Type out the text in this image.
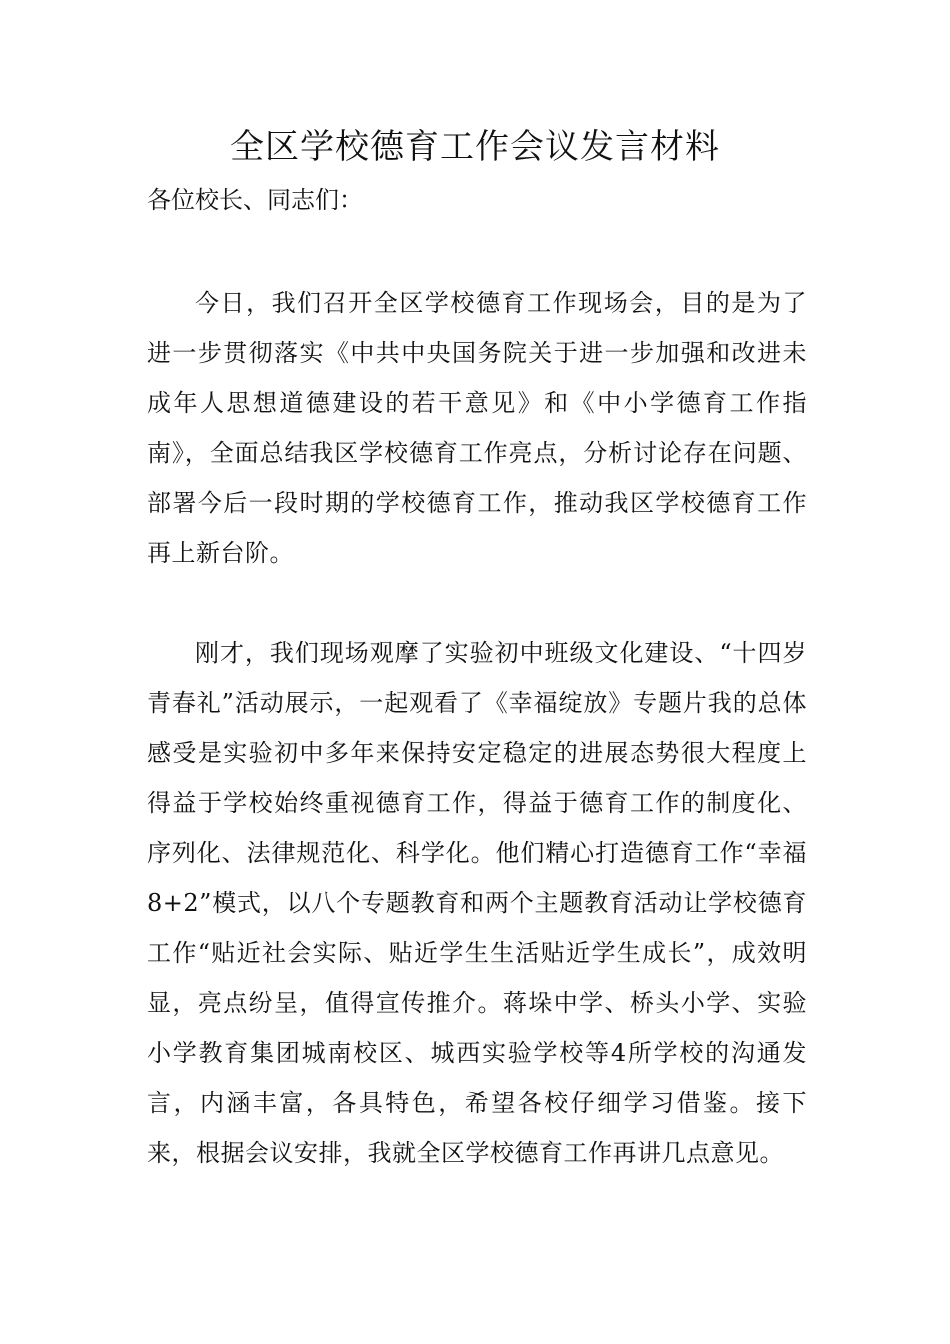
全区学校德育工作会议发言材料

各位校长、同志们：

今日，我们召开全区学校德育工作现场会，目的是为了进一步贯彻落实《中共中央国务院关于进一步加强和改进未成年人思想道德建设的若干意见》和《中小学德育工作指南》，全面总结我区学校德育工作亮点，分析讨论存在问题、部署今后一段时期的学校德育工作，推动我区学校德育工作再上新台阶。

刚才，我们现场观摩了实验初中班级文化建设、“十四岁青春礼”活动展示，一起观看了《幸福绽放》专题片我的总体感受是实验初中多年来保持安定稳定的进展态势很大程度上得益于学校始终重视德育工作，得益于德育工作的制度化、序列化、法律规范化、科学化。他们精心打造德育工作“幸福8+2”模式，以八个专题教育和两个主题教育活动让学校德育工作“贴近社会实际、贴近学生生活贴近学生成长”，成效明显，亮点纷呈，值得宣传推介。蒋垛中学、桥头小学、实验小学教育集团城南校区、城西实验学校等4所学校的沟通发言，内涵丰富，各具特色，希望各校仔细学习借鉴。接下来，根据会议安排，我就全区学校德育工作再讲几点意见。
